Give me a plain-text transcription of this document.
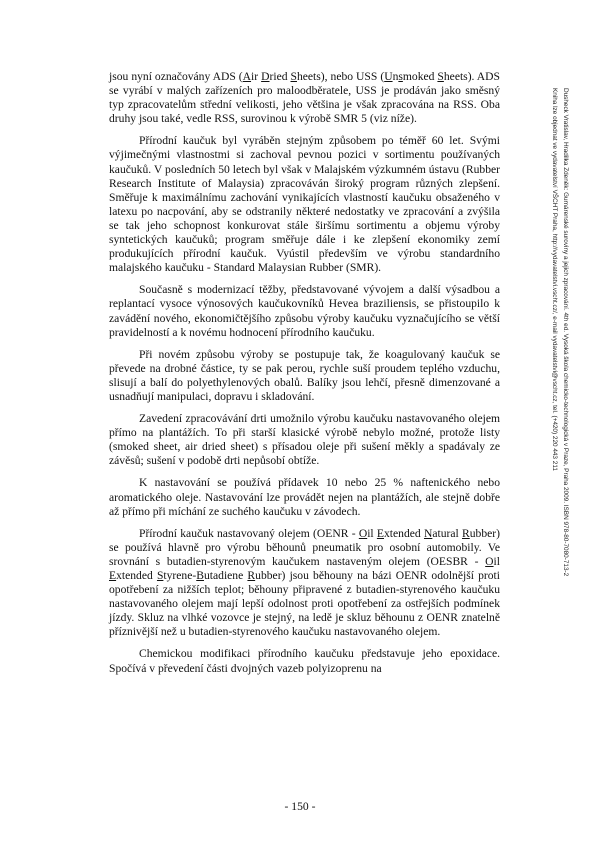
jsou nyní označovány ADS (Air Dried Sheets), nebo USS (Unsmoked Sheets). ADS se vyrábí v malých zařízeních pro maloodběratele, USS je prodáván jako směsný typ zpracovatelům střední velikosti, jeho většina je však zpracována na RSS. Oba druhy jsou také, vedle RSS, surovinou k výrobě SMR 5 (viz níže).

Přírodní kaučuk byl vyráběn stejným způsobem po téměř 60 let. Svými výjimečnými vlastnostmi si zachoval pevnou pozici v sortimentu používaných kaučuků. V posledních 50 letech byl však v Malajském výzkumném ústavu (Rubber Research Institute of Malaysia) zpracováván široký program různých zlepšení. Směřuje k maximálnímu zachování vynikajících vlastností kaučuku obsaženého v latexu po nacpování, aby se odstranily některé nedostatky ve zpracování a zvýšila se tak jeho schopnost konkurovat stále širšímu sortimentu a objemu výroby syntetických kaučuků; program směřuje dále i ke zlepšení ekonomiky zemí produkujících přírodní kaučuk. Vyústil především ve výrobu standardního malajského kaučuku - Standard Malaysian Rubber (SMR).

Současně s modernizací těžby, představované vývojem a další výsadbou a replantací vysoce výnosových kaučukovníků Hevea braziliensis, se přistoupilo k zavádění nového, ekonomičtějšího způsobu výroby kaučuku vyznačujícího se větší pravidelností a k novému hodnocení přírodního kaučuku.

Při novém způsobu výroby se postupuje tak, že koagulovaný kaučuk se převede na drobné částice, ty se pak perou, rychle suší proudem teplého vzduchu, slisují a balí do polyethylenových obalů. Balíky jsou lehčí, přesně dimenzované a usnadňují manipulaci, dopravu i skladování.

Zavedení zpracovávání drti umožnilo výrobu kaučuku nastavovaného olejem přímo na plantážích. To při starší klasické výrobě nebylo možné, protože listy (smoked sheet, air dried sheet) s přísadou oleje při sušení měkly a spadávaly ze závěsů; sušení v podobě drti nepůsobí obtíže.

K nastavování se používá přídavek 10 nebo 25 % naftenického nebo aromatického oleje. Nastavování lze provádět nejen na plantážích, ale stejně dobře až přímo při míchání ze suchého kaučuku v závodech.

Přírodní kaučuk nastavovaný olejem (OENR - Oil Extended Natural Rubber) se používá hlavně pro výrobu běhounů pneumatik pro osobní automobily. Ve srovnání s butadien-styrenovým kaučukem nastaveným olejem (OESBR - Oil Extended Styrene-Butadiene Rubber) jsou běhouny na bázi OENR odolnější proti opotřebení za nižších teplot; běhouny připravené z butadien-styrenového kaučuku nastavovaného olejem mají lepší odolnost proti opotřebení za ostřejších podmínek jízdy. Skluz na vlhké vozovce je stejný, na ledě je skluz běhounu z OENR znatelně příznivější než u butadien-styrenového kaučuku nastavovaného olejem.

Chemickou modifikaci přírodního kaučuku představuje jeho epoxidace. Spočívá v převedení části dvojných vazeb polyizoprenu na

Dusheck Vratislav, Hradilka Zdeněk: Gumárenské suroviny a jejich zpracování. 4th ed. Vysoká škola chemicko-technologická v Praze, Praha 2009. ISBN 978-80-7080-713-2
Kniha lze objednat ve vydavatelství VŠCHT Praha, http://vydavatelstvi.vscht.cz/, e-mail vydavatelstvi@vscht.cz, tel. (+420) 220 443 211
- 150 -
